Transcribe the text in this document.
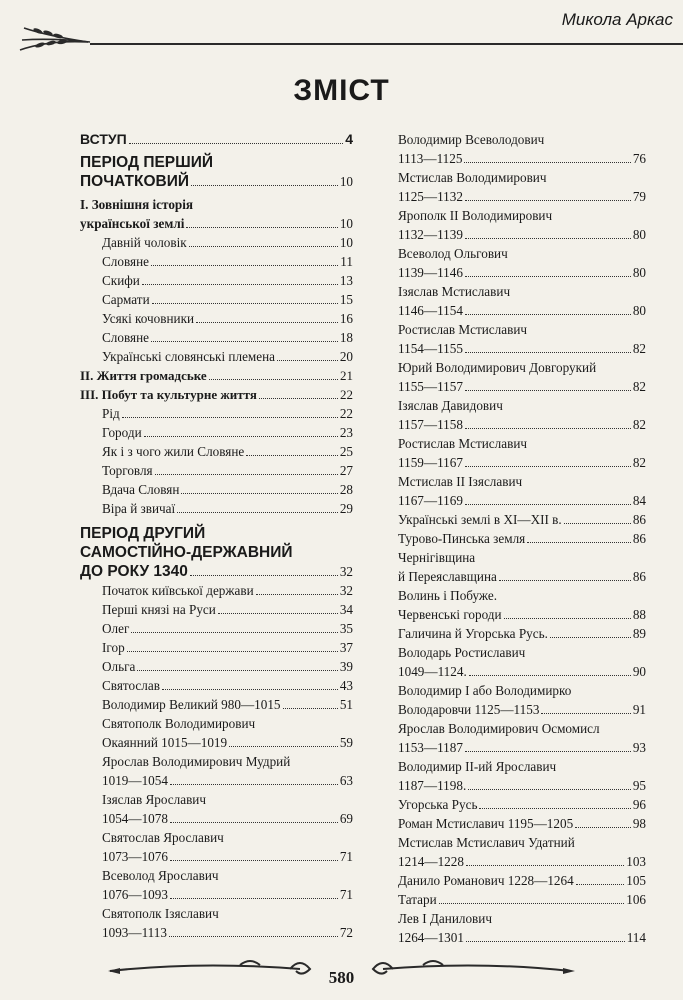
Микола Аркас
ЗМІСТ
ВСТУП	4
ПЕРІОД ПЕРШИЙ
ПОЧАТКОВИЙ	10
I. Зовнішня історія
української землі	10
Давній чоловік	10
Словяне	11
Скифи	13
Сармати	15
Усякі кочовники	16
Словяне	18
Українські словянські племена	20
II. Життя громадське	21
III. Побут та культурне життя	22
Рід	22
Городи	23
Як і з чого жили Словяне	25
Торговля	27
Вдача Словян	28
Віра й звичаї	29
ПЕРІОД ДРУГИЙ
САМОСТІЙНО-ДЕРЖАВНИЙ
ДО РОКУ 1340	32
Початок київської держави	32
Перші князі на Руси	34
Олег	35
Ігор	37
Ольга	39
Святослав	43
Володимир Великий 980—1015	51
Святополк Володимирович
Окаянний 1015—1019	59
Ярослав Володимирович Мудрий
1019—1054	63
Ізяслав Ярославич
1054—1078	69
Святослав Ярославич
1073—1076	71
Всеволод Ярославич
1076—1093	71
Святополк Ізяславич
1093—1113	72
Володимир Всеволодович
1113—1125	76
Мстислав Володимирович
1125—1132	79
Ярополк II Володимирович
1132—1139	80
Всеволод Ольгович
1139—1146	80
Ізяслав Мстиславич
1146—1154	80
Ростислав Мстиславич
1154—1155	82
Юрий Володимирович Довгорукий
1155—1157	82
Ізяслав Давидович
1157—1158	82
Ростислав Мстиславич
1159—1167	82
Мстислав II Ізяславич
1167—1169	84
Українські землі в XI—XII в.	86
Турово-Пинська земля	86
Чернігівщина
й Переяславщина	86
Волинь і Побуже.
Червенські городи	88
Галичина й Угорська Русь.	89
Володарь Ростиславич
1049—1124.	90
Володимир I або Володимирко
Володаровчи 1125—1153	91
Ярослав Володимирович Осмомисл
1153—1187	93
Володимир II-ий Ярославич
1187—1198.	95
Угорська Русь	96
Роман Мстиславич 1195—1205	98
Мстислав Мстиславич Удатний
1214—1228	103
Данило Романович 1228—1264	105
Татари	106
Лев I Данилович
1264—1301	114
580
